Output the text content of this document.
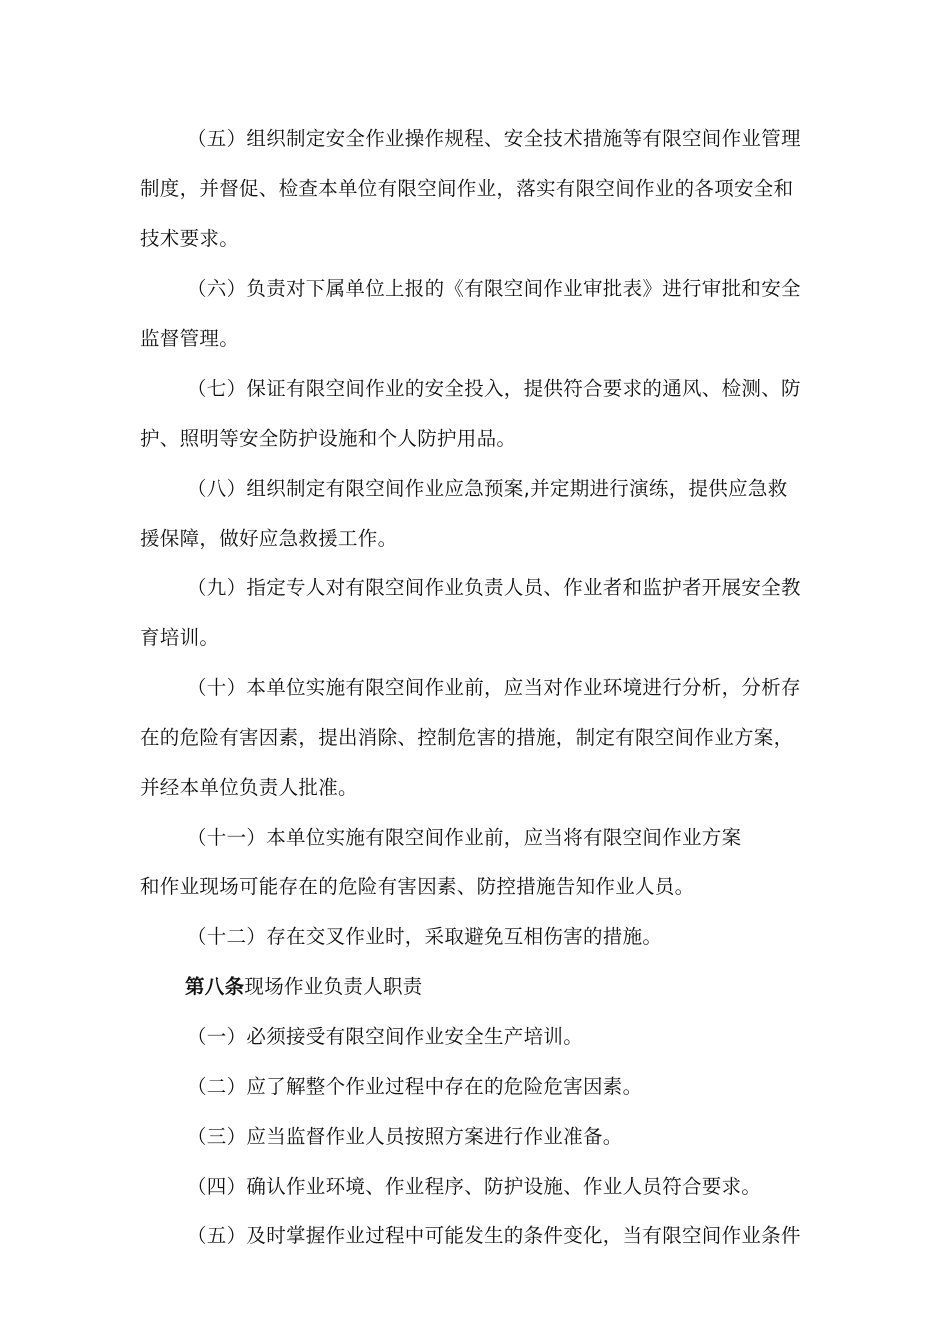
（五）组织制定安全作业操作规程、安全技术措施等有限空间作业管理
制度，并督促、检查本单位有限空间作业，落实有限空间作业的各项安全和
技术要求。
（六）负责对下属单位上报的《有限空间作业审批表》进行审批和安全
监督管理。
（七）保证有限空间作业的安全投入，提供符合要求的通风、检测、防
护、照明等安全防护设施和个人防护用品。
（八）组织制定有限空间作业应急预案,并定期进行演练，提供应急救
援保障，做好应急救援工作。
（九）指定专人对有限空间作业负责人员、作业者和监护者开展安全教
育培训。
（十）本单位实施有限空间作业前，应当对作业环境进行分析，分析存
在的危险有害因素，提出消除、控制危害的措施，制定有限空间作业方案，
并经本单位负责人批准。
（十一）本单位实施有限空间作业前，应当将有限空间作业方案
和作业现场可能存在的危险有害因素、防控措施告知作业人员。
（十二）存在交叉作业时，采取避免互相伤害的措施。
第八条现场作业负责人职责
（一）必须接受有限空间作业安全生产培训。
（二）应了解整个作业过程中存在的危险危害因素。
（三）应当监督作业人员按照方案进行作业准备。
（四）确认作业环境、作业程序、防护设施、作业人员符合要求。
（五）及时掌握作业过程中可能发生的条件变化，当有限空间作业条件
